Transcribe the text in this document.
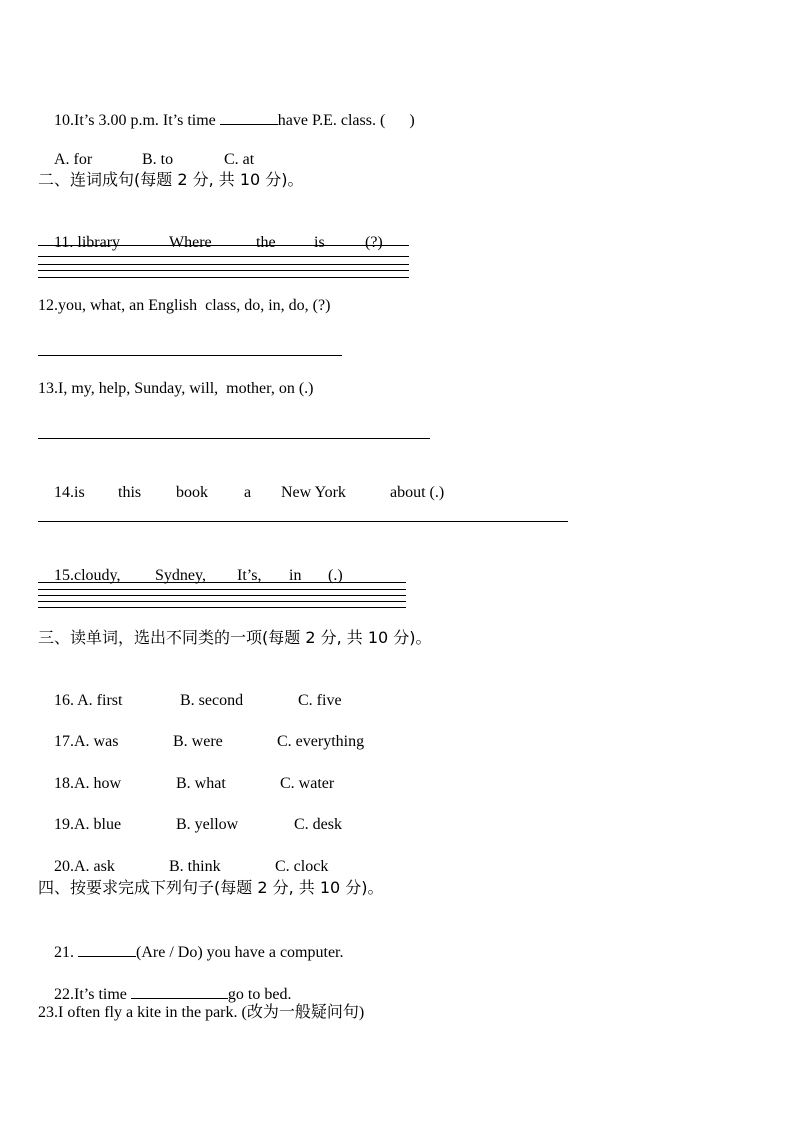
10.It’s 3.00 p.m. It’s time	have P.E. class. (      )

A. for	B. to	C. at

二、连词成句(每题 2 分, 共 10 分)。

11. library	Where	the is	(?)

12.you, what, an English  class, do, in, do, (?)
13.I, my, help, Sunday, will,  mother, on (.)

14.is this book a New York	about (.)

15.cloudy, Sydney, It’s, in (.)

三、读单词，选出不同类的一项(每题 2 分, 共 10 分)。

16. A. first	B. second	C. five

17.A. was	B. were	C. everything

18.A. how	B. what	C. water

19.A. blue	B. yellow	C. desk

20.A. ask	B. think	C. clock

四、按要求完成下列句子(每题 2 分, 共 10 分)。

21.	(Are / Do) you have a computer.

22.It’s time	go to bed.

23.I often fly a kite in the park. (改为一般疑问句)
